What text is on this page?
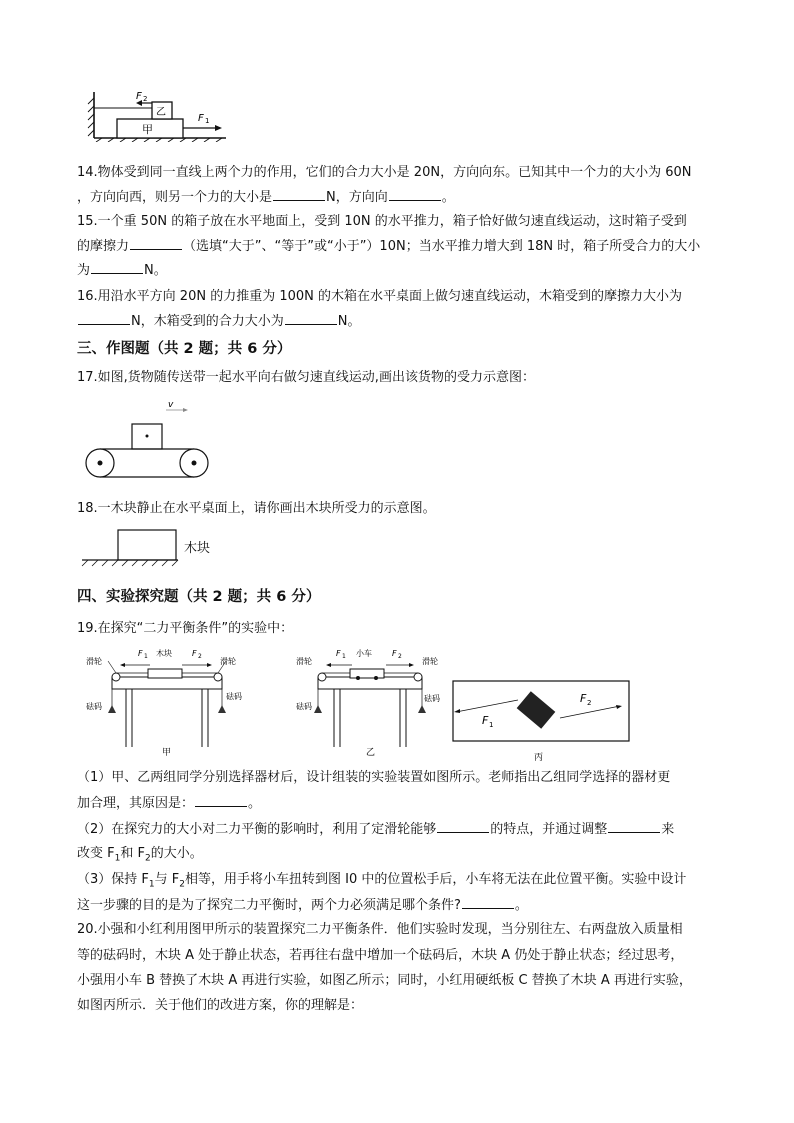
甲
乙
F 2
F 1
14.物体受到同一直线上两个力的作用，它们的合力大小是 20N，方向向东。已知其中一个力的大小为 60N
，方向向西，则另一个力的大小是	N，方向向	。
15.一个重 50N 的箱子放在水平地面上，受到 10N 的水平推力，箱子恰好做匀速直线运动，这时箱子受到
的摩擦力	（选填“大于”、“等于”或“小于”）10N；当水平推力增大到 18N 时，箱子所受合力的大小
为	N。
16.用沿水平方向 20N 的力推重为 100N 的木箱在水平桌面上做匀速直线运动，木箱受到的摩擦力大小为
N，木箱受到的合力大小为	N。
三、作图题（共 2 题；共 6 分）
17.如图,货物随传送带一起水平向右做匀速直线运动,画出该货物的受力示意图：
v
18.一木块静止在水平桌面上，请你画出木块所受力的示意图。
木块
四、实验探究题（共 2 题；共 6 分）
19.在探究“二力平衡条件”的实验中：
滑轮	滑轮
F 1 木块	F 2
砝码
砝码
甲
滑轮	滑轮
F 1 小车	F 2
砝码
砝码
乙
F 1
F 2
丙
（1）甲、乙两组同学分别选择器材后，设计组装的实验装置如图所示。老师指出乙组同学选择的器材更
加合理，其原因是：	。
（2）在探究力的大小对二力平衡的影响时，利用了定滑轮能够	的特点，并通过调整	来
改变 $F_1$和 $F_2$的大小。
（3）保持 $F_1$与 $F_2$相等，用手将小车扭转到图 I0 中的位置松手后，小车将无法在此位置平衡。实验中设计
这一步骤的目的是为了探究二力平衡时，两个力必须满足哪个条件?	。
20.小强和小红利用图甲所示的装置探究二力平衡条件．他们实验时发现，当分别往左、右两盘放入质量相
等的砝码时，木块 A 处于静止状态，若再往右盘中增加一个砝码后，木块 A 仍处于静止状态；经过思考，
小强用小车 B 替换了木块 A 再进行实验，如图乙所示；同时，小红用硬纸板 C 替换了木块 A 再进行实验，
如图丙所示．关于他们的改进方案，你的理解是：
